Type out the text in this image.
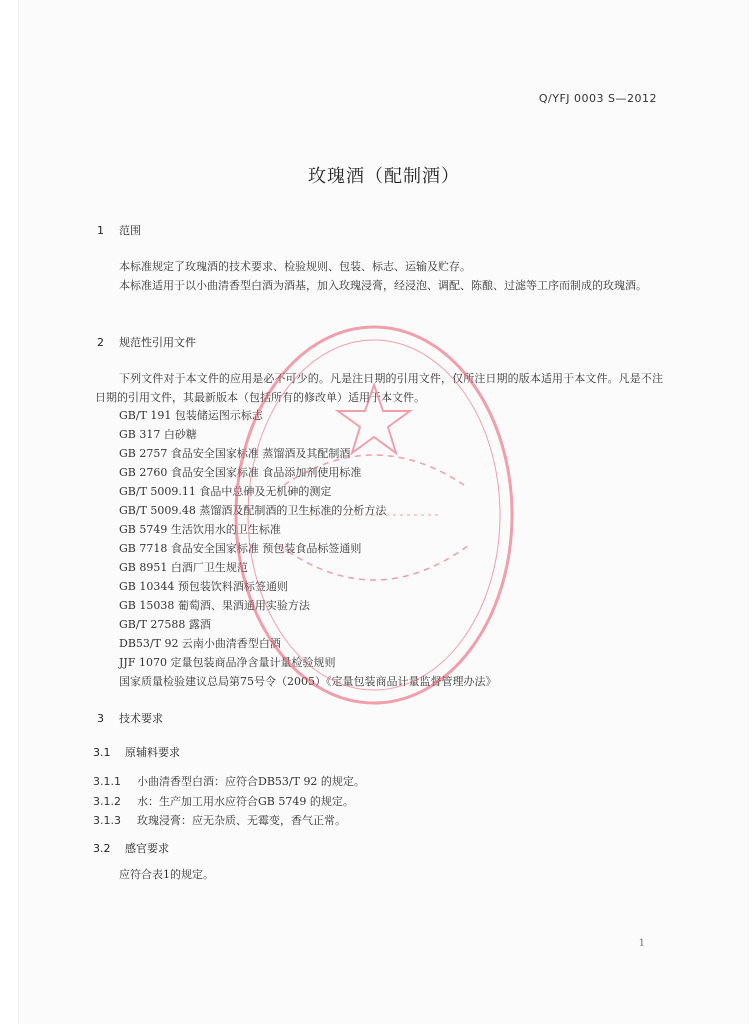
Q/YFJ 0003 S—2012
玫瑰酒（配制酒）
1 范围
本标准规定了玫瑰酒的技术要求、检验规则、包装、标志、运输及贮存。
本标准适用于以小曲清香型白酒为酒基，加入玫瑰浸膏，经浸泡、调配、陈酿、过滤等工序而制成的玫瑰酒。
2 规范性引用文件
下列文件对于本文件的应用是必不可少的。凡是注日期的引用文件，仅所注日期的版本适用于本文件。凡是不注日期的引用文件，其最新版本（包括所有的修改单）适用于本文件。
GB/T 191 包装储运图示标志
GB 317 白砂糖
GB 2757 食品安全国家标准 蒸馏酒及其配制酒
GB 2760 食品安全国家标准 食品添加剂使用标准
GB/T 5009.11 食品中总砷及无机砷的测定
GB/T 5009.48 蒸馏酒及配制酒的卫生标准的分析方法
GB 5749 生活饮用水的卫生标准
GB 7718 食品安全国家标准 预包装食品标签通则
GB 8951 白酒厂卫生规范
GB 10344 预包装饮料酒标签通则
GB 15038 葡萄酒、果酒通用实验方法
GB/T 27588 露酒
DB53/T 92 云南小曲清香型白酒
JJF 1070 定量包装商品净含量计量检验规则
国家质量检验建议总局第75号令（2005）《定量包装商品计量监督管理办法》
3 技术要求
3.1 原辅料要求
3.1.1 小曲清香型白酒：应符合DB53/T 92 的规定。
3.1.2 水：生产加工用水应符合GB 5749 的规定。
3.1.3 玫瑰浸膏：应无杂质、无霉变，香气正常。
3.2 感官要求
应符合表1的规定。
1
